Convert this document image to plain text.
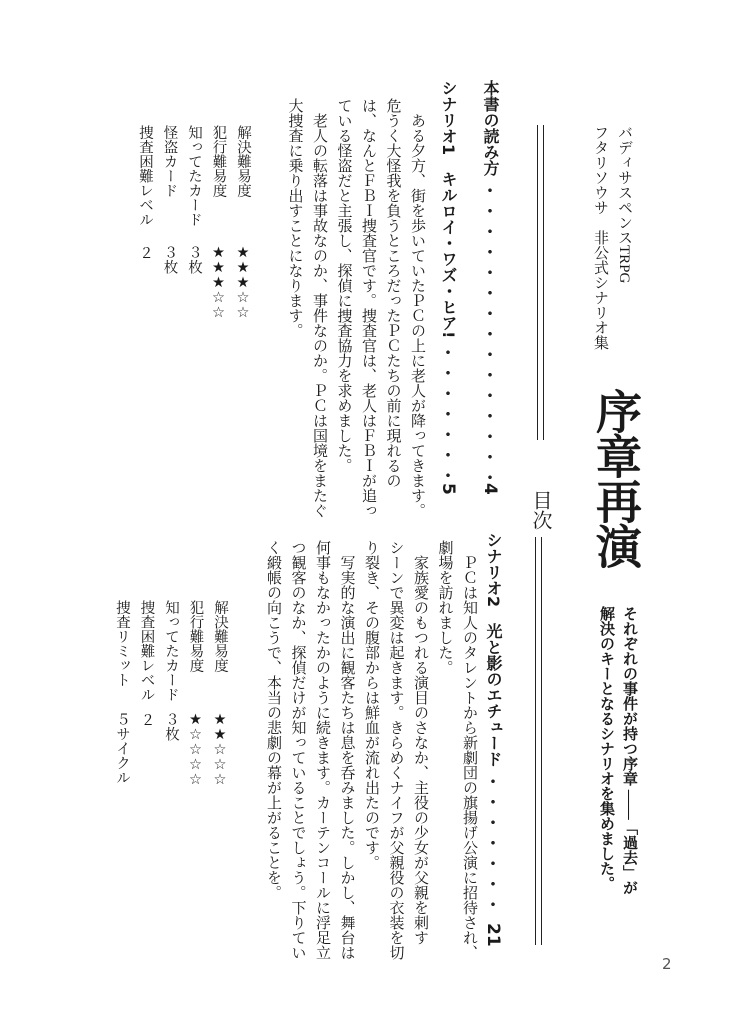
バディサスペンスTRPG
フタリソウサ　非公式シナリオ集
序章再演
それぞれの事件が持つ序章 ——「過去」が
解決のキーとなるシナリオを集めました。
目次
本書の読み方
4
シナリオ1　キルロイ・ワズ・ヒア!
5
シナリオ2　光と影のエチュード
21
　ある夕方、街を歩いていたＰＣの上に老人が降ってきます。
危うく大怪我を負うところだったＰＣたちの前に現れるの
は、なんとＦＢＩ捜査官です。捜査官は、老人はＦＢＩが追っ
ている怪盗だと主張し、探偵に捜査協力を求めました。
　老人の転落は事故なのか、事件なのか。ＰＣは国境をまたぐ
大捜査に乗り出すことになります。
解決難易度
★★★☆☆
犯行難易度
★★★☆☆
知ってたカード
３枚
怪盗カード
３枚
捜査困難レベル
２
　ＰＣは知人のタレントから新劇団の旗揚げ公演に招待され、
劇場を訪れました。
　家族愛のもつれる演目のさなか、主役の少女が父親を刺す
シーンで異変は起きます。きらめくナイフが父親役の衣装を切
り裂き、その腹部からは鮮血が流れ出たのです。
　写実的な演出に観客たちは息を呑みました。しかし、舞台は
何事もなかったかのように続きます。カーテンコールに浮足立
つ観客のなか、探偵だけが知っていることでしょう。下りてい
く緞帳の向こうで、本当の悲劇の幕が上がることを。
解決難易度
★★☆☆☆
犯行難易度
★☆☆☆☆
知ってたカード
３枚
捜査困難レベル
２
捜査リミット
５サイクル
2
